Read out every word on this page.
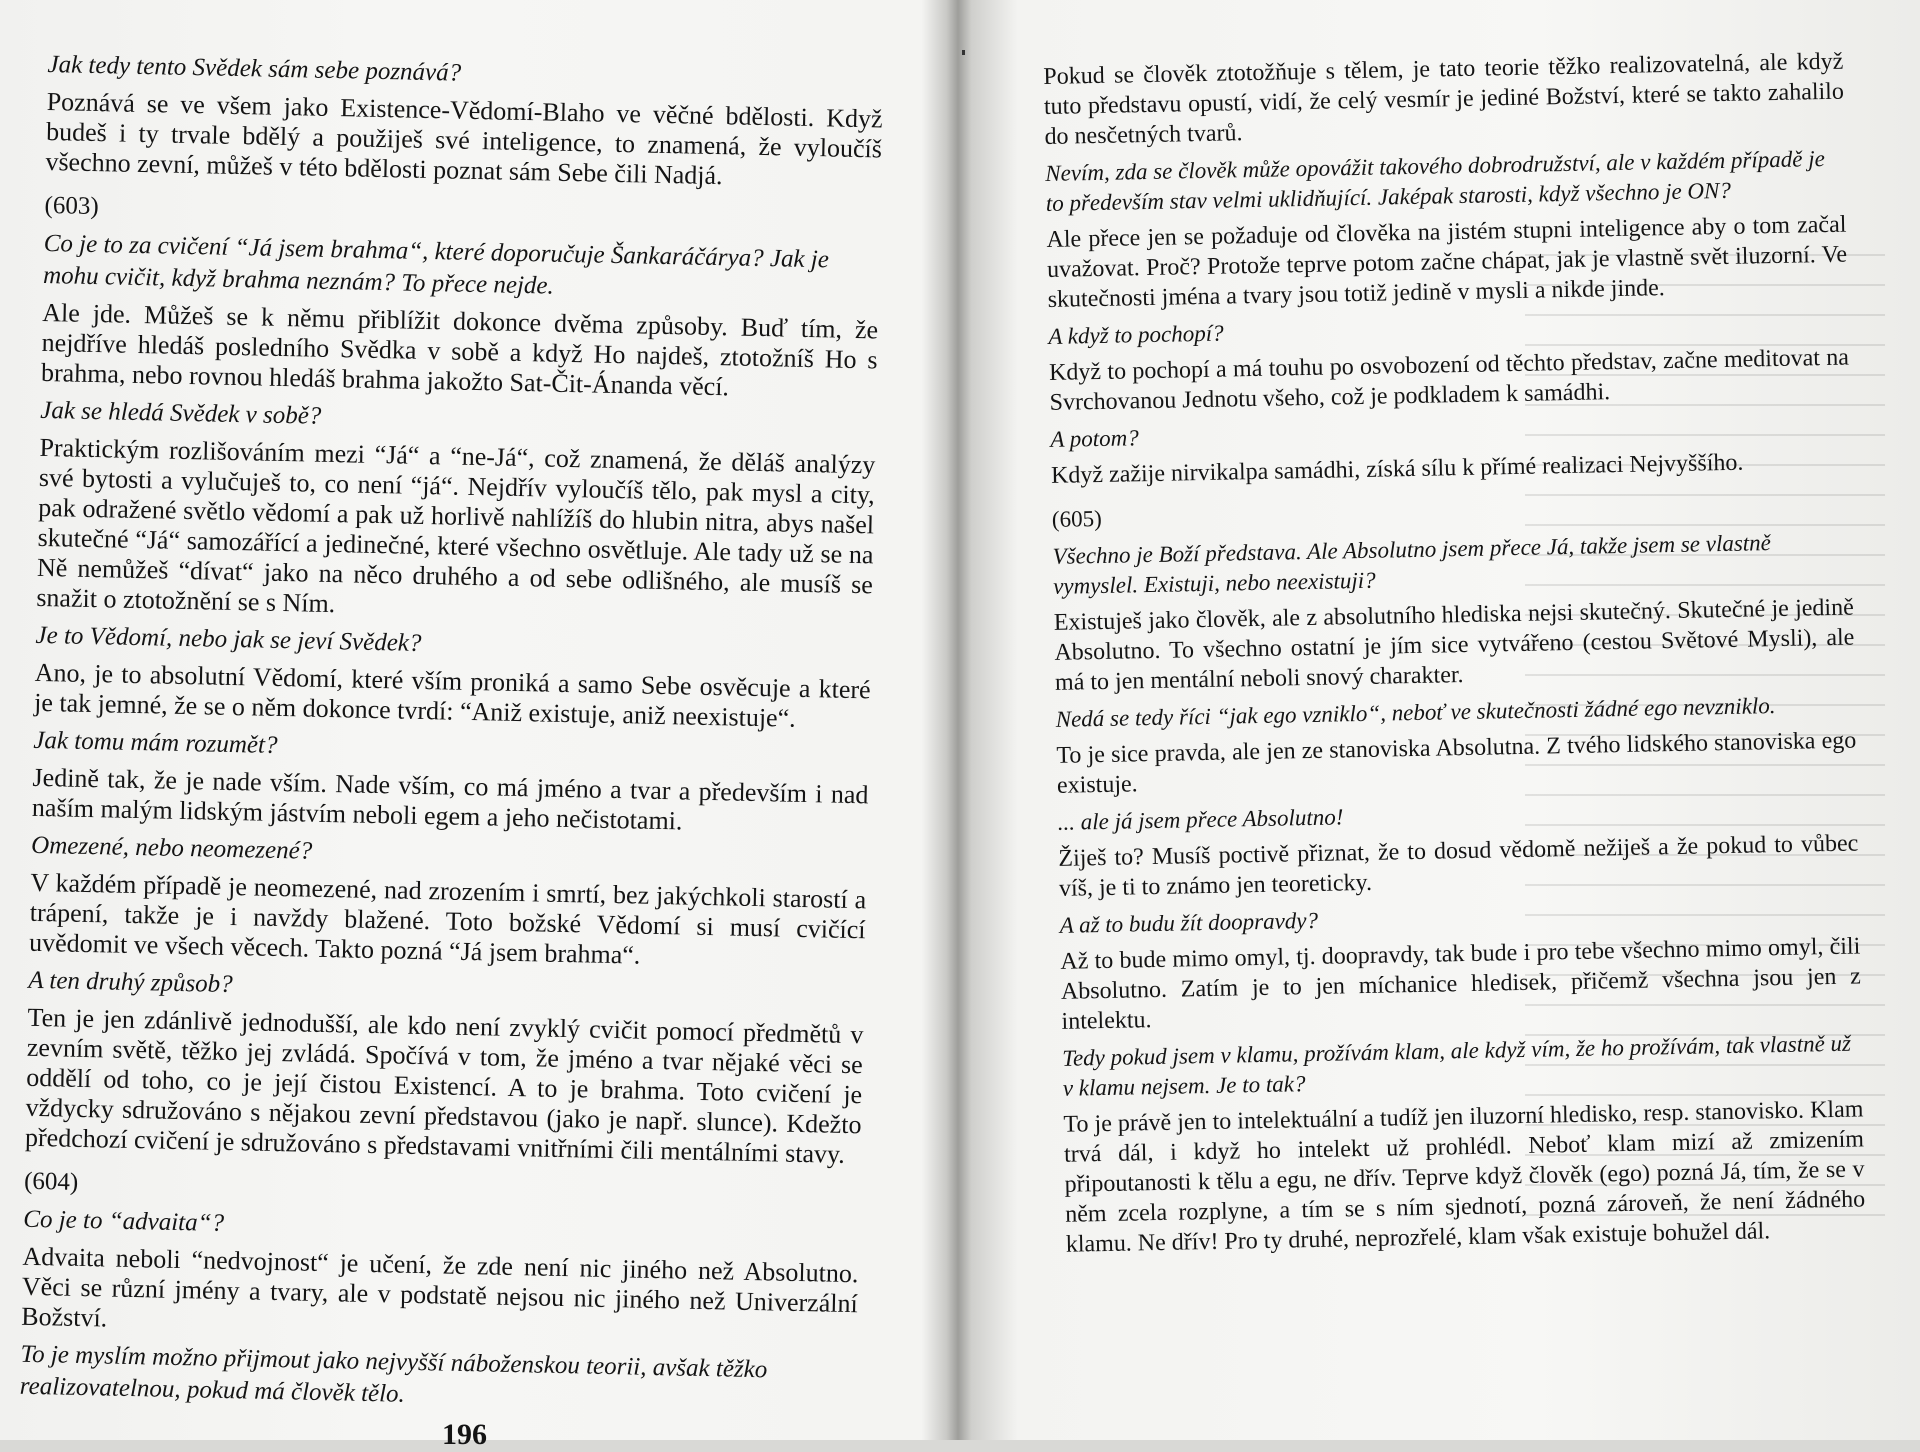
Jak tedy tento Svědek sám sebe poznává?
Poznává se ve všem jako Existence-Vědomí-Blaho ve věčné bdělosti. Když budeš i ty trvale bdělý a použiješ své inteligence, to znamená, že vyloučíš všechno zevní, můžeš v této bdělosti poznat sám Sebe čili Nadjá.
(603)
Co je to za cvičení “Já jsem brahma“, které doporučuje Šankaráčárya? Jak je mohu cvičit, když brahma neznám? To přece nejde.
Ale jde. Můžeš se k němu přiblížit dokonce dvěma způsoby. Buď tím, že nejdříve hledáš posledního Svědka v sobě a když Ho najdeš, ztotožníš Ho s brahma, nebo rovnou hledáš brahma jakožto Sat-Čit-Ánanda věcí.
Jak se hledá Svědek v sobě?
Praktickým rozlišováním mezi “Já“ a “ne-Já“, což znamená, že děláš analýzy své bytosti a vylučuješ to, co není “já“. Nejdřív vyloučíš tělo, pak mysl a city, pak odražené světlo vědomí a pak už horlivě nahlížíš do hlubin nitra, abys našel skutečné “Já“ samozářící a jedinečné, které všechno osvětluje. Ale tady už se na Ně nemůžeš “dívat“ jako na něco druhého a od sebe odlišného, ale musíš se snažit o ztotožnění se s Ním.
Je to Vědomí, nebo jak se jeví Svědek?
Ano, je to absolutní Vědomí, které vším proniká a samo Sebe osvěcuje a které je tak jemné, že se o něm dokonce tvrdí: “Aniž existuje, aniž neexistuje“.
Jak tomu mám rozumět?
Jedině tak, že je nade vším. Nade vším, co má jméno a tvar a především i nad naším malým lidským jástvím neboli egem a jeho nečistotami.
Omezené, nebo neomezené?
V každém případě je neomezené, nad zrozením i smrtí, bez jakýchkoli starostí a trápení, takže je i navždy blažené. Toto božské Vědomí si musí cvičící uvědomit ve všech věcech. Takto pozná “Já jsem brahma“.
A ten druhý způsob?
Ten je jen zdánlivě jednodušší, ale kdo není zvyklý cvičit pomocí předmětů v zevním světě, těžko jej zvládá. Spočívá v tom, že jméno a tvar nějaké věci se oddělí od toho, co je její čistou Existencí. A to je brahma. Toto cvičení je vždycky sdružováno s nějakou zevní představou (jako je např. slunce). Kdežto předchozí cvičení je sdružováno s představami vnitřními čili mentálními stavy.
(604)
Co je to “advaita“?
Advaita neboli “nedvojnost“ je učení, že zde není nic jiného než Absolutno. Věci se různí jmény a tvary, ale v podstatě nejsou nic jiného než Univerzální Božství.
To je myslím možno přijmout jako nejvyšší náboženskou teorii, avšak těžko realizovatelnou, pokud má člověk tělo.
196
Pokud se člověk ztotožňuje s tělem, je tato teorie těžko realizovatelná, ale když tuto představu opustí, vidí, že celý vesmír je jediné Božství, které se takto zahalilo do nesčetných tvarů.
Nevím, zda se člověk může opovážit takového dobrodružství, ale v každém případě je to především stav velmi uklidňující. Jaképak starosti, když všechno je ON?
Ale přece jen se požaduje od člověka na jistém stupni inteligence aby o tom začal uvažovat. Proč? Protože teprve potom začne chápat, jak je vlastně svět iluzorní. Ve skutečnosti jména a tvary jsou totiž jedině v mysli a nikde jinde.
A když to pochopí?
Když to pochopí a má touhu po osvobození od těchto představ, začne meditovat na Svrchovanou Jednotu všeho, což je podkladem k samádhi.
A potom?
Když zažije nirvikalpa samádhi, získá sílu k přímé realizaci Nejvyššího.
(605)
Všechno je Boží představa. Ale Absolutno jsem přece Já, takže jsem se vlastně vymyslel. Existuji, nebo neexistuji?
Existuješ jako člověk, ale z absolutního hlediska nejsi skutečný. Skutečné je jedině Absolutno. To všechno ostatní je jím sice vytvářeno (cestou Světové Mysli), ale má to jen mentální neboli snový charakter.
Nedá se tedy říci “jak ego vzniklo“, neboť ve skutečnosti žádné ego nevzniklo.
To je sice pravda, ale jen ze stanoviska Absolutna. Z tvého lidského stanoviska ego existuje.
... ale já jsem přece Absolutno!
Žiješ to? Musíš poctivě přiznat, že to dosud vědomě nežiješ a že pokud to vůbec víš, je ti to známo jen teoreticky.
A až to budu žít doopravdy?
Až to bude mimo omyl, tj. doopravdy, tak bude i pro tebe všechno mimo omyl, čili Absolutno. Zatím je to jen míchanice hledisek, přičemž všechna jsou jen z intelektu.
Tedy pokud jsem v klamu, prožívám klam, ale když vím, že ho prožívám, tak vlastně už v klamu nejsem. Je to tak?
To je právě jen to intelektuální a tudíž jen iluzorní hledisko, resp. stanovisko. Klam trvá dál, i když ho intelekt už prohlédl. Neboť klam mizí až zmizením připoutanosti k tělu a egu, ne dřív. Teprve když člověk (ego) pozná Já, tím, že se v něm zcela rozplyne, a tím se s ním sjednotí, pozná zároveň, že není žádného klamu. Ne dřív! Pro ty druhé, neprozřelé, klam však existuje bohužel dál.
